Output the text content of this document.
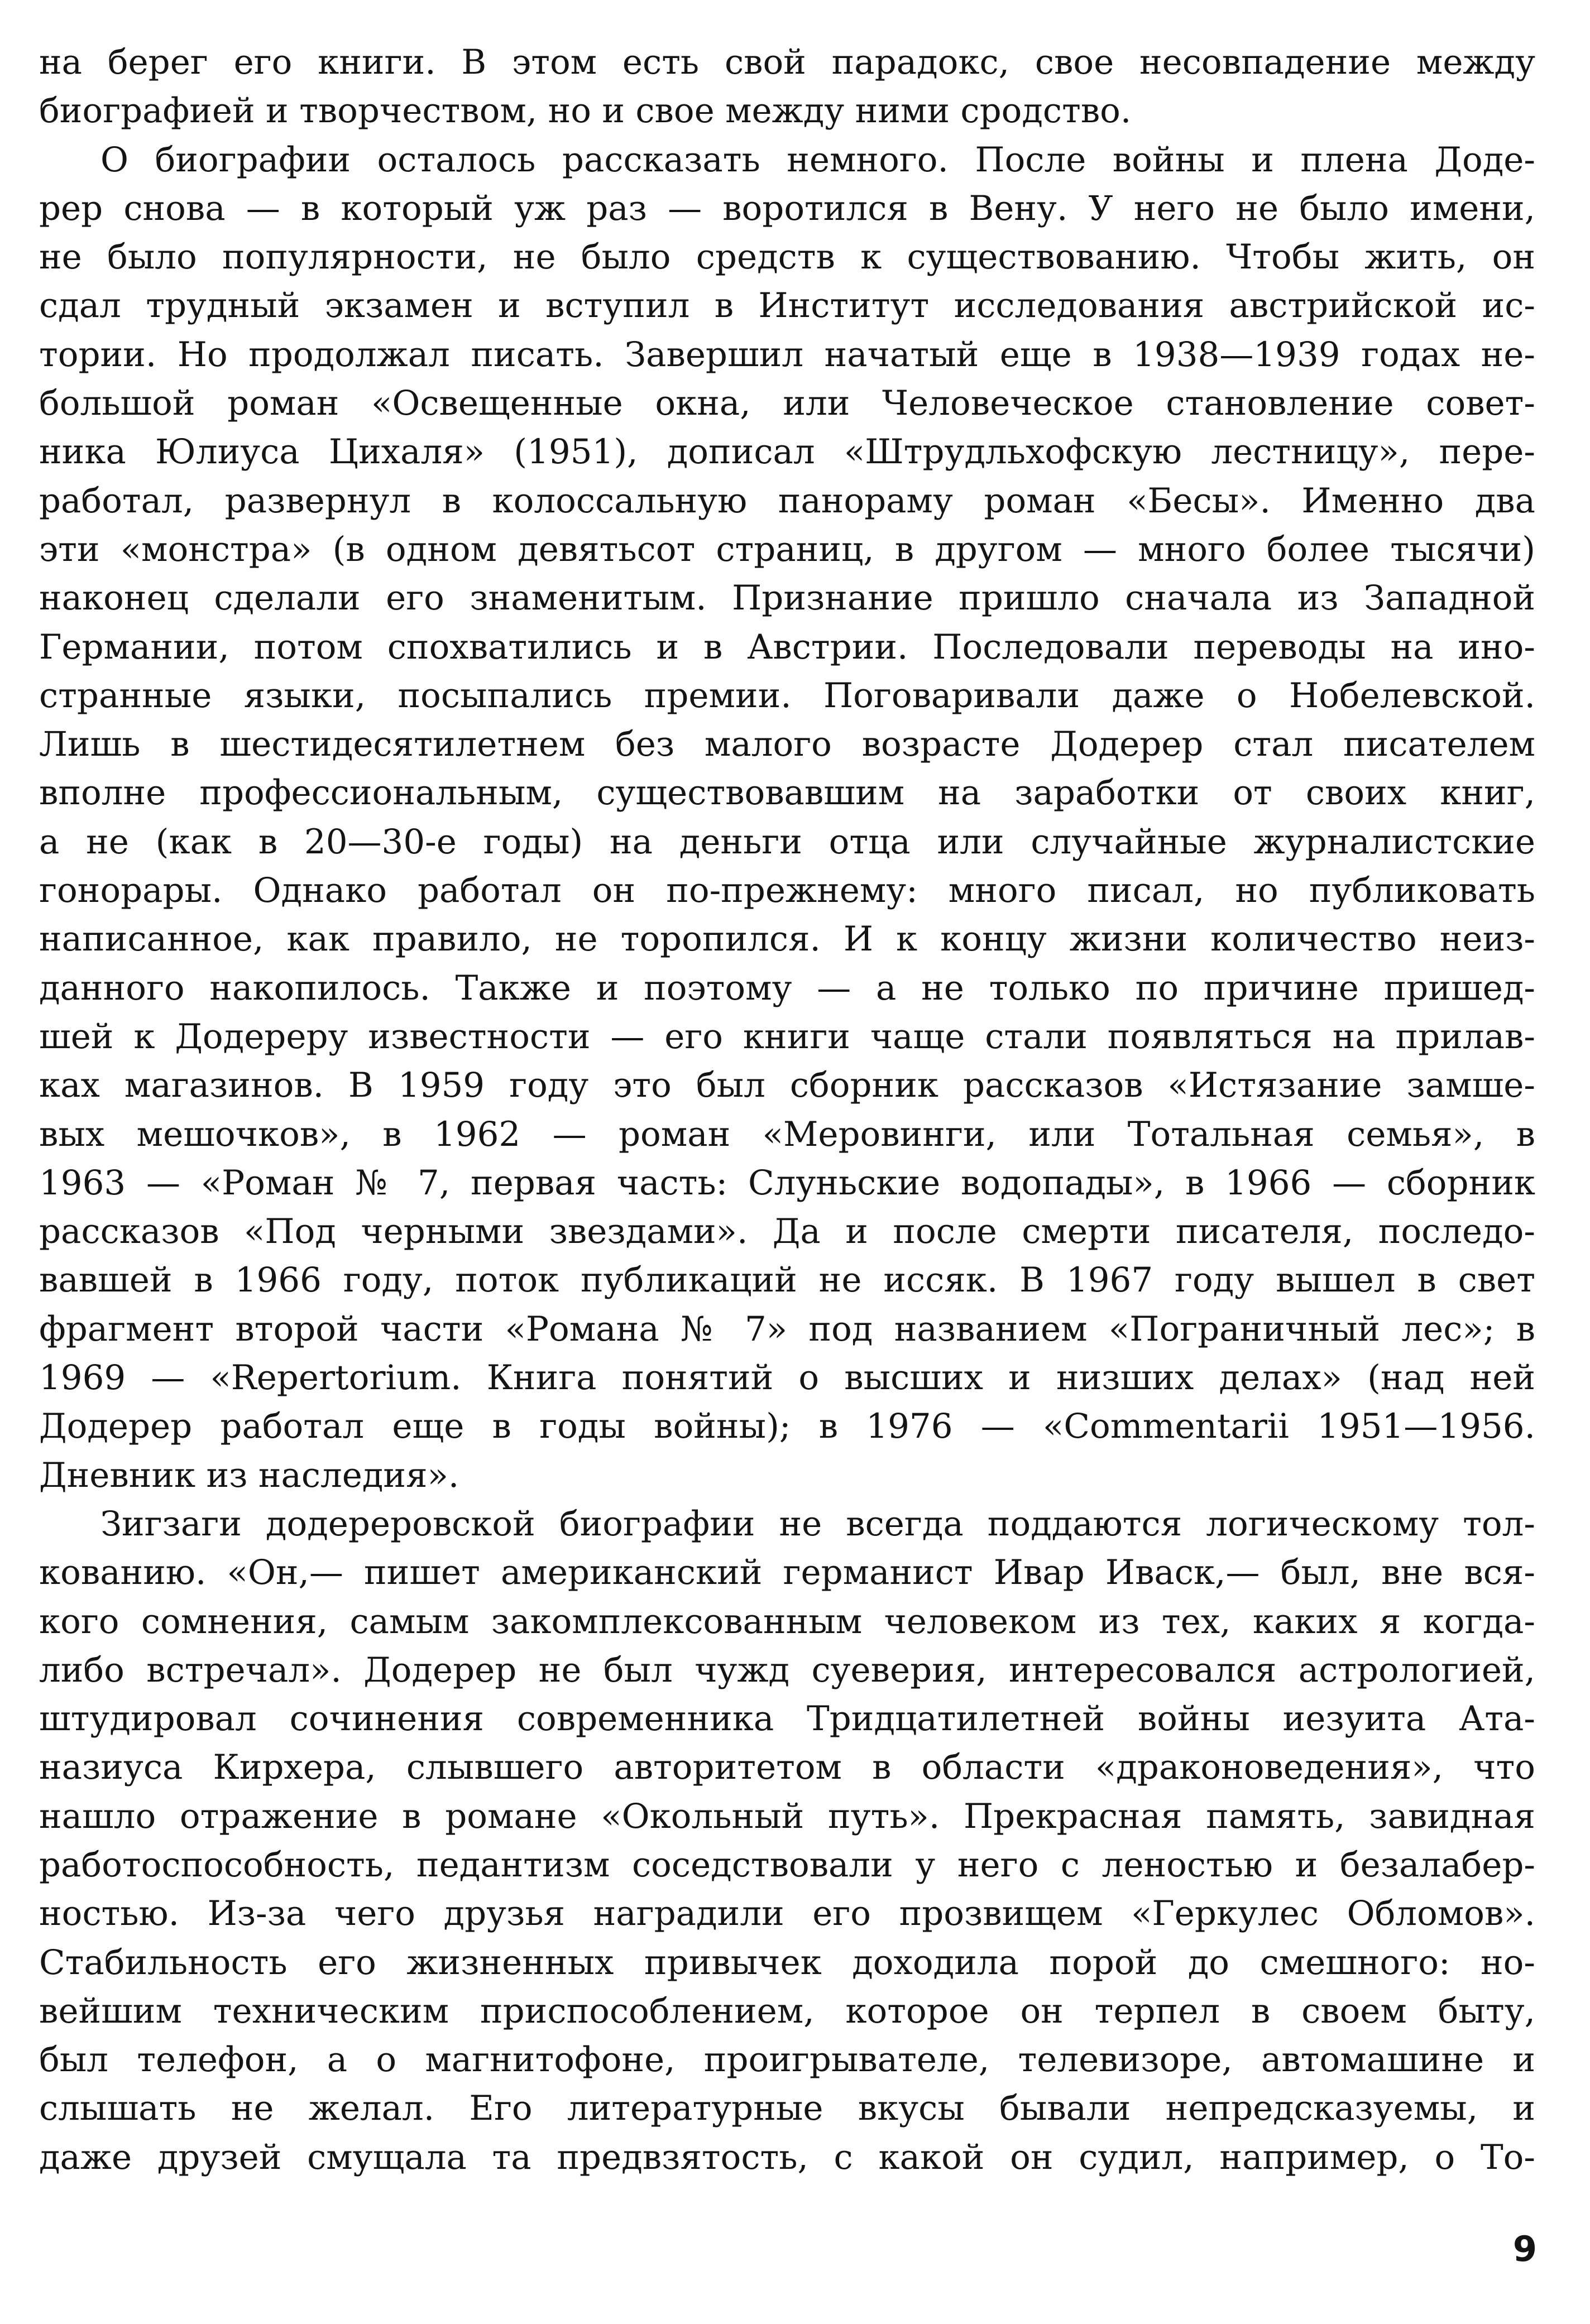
на берег его книги. В этом есть свой парадокс, свое несовпадение между
биографией и творчеством, но и свое между ними сродство.
О биографии осталось рассказать немного. После войны и плена Доде-
рер снова — в который уж раз — воротился в Вену. У него не было имени,
не было популярности, не было средств к существованию. Чтобы жить, он
сдал трудный экзамен и вступил в Институт исследования австрийской ис-
тории. Но продолжал писать. Завершил начатый еще в 1938—1939 годах не-
большой роман «Освещенные окна, или Человеческое становление совет-
ника Юлиуса Цихаля» (1951), дописал «Штрудльхофскую лестницу», пере-
работал, развернул в колоссальную панораму роман «Бесы». Именно два
эти «монстра» (в одном девятьсот страниц, в другом — много более тысячи)
наконец сделали его знаменитым. Признание пришло сначала из Западной
Германии, потом спохватились и в Австрии. Последовали переводы на ино-
странные языки, посыпались премии. Поговаривали даже о Нобелевской.
Лишь в шестидесятилетнем без малого возрасте Додерер стал писателем
вполне профессиональным, существовавшим на заработки от своих книг,
а не (как в 20—30-е годы) на деньги отца или случайные журналистские
гонорары. Однако работал он по-прежнему: много писал, но публиковать
написанное, как правило, не торопился. И к концу жизни количество неиз-
данного накопилось. Также и поэтому — а не только по причине пришед-
шей к Додереру известности — его книги чаще стали появляться на прилав-
ках магазинов. В 1959 году это был сборник рассказов «Истязание замше-
вых мешочков», в 1962 — роман «Меровинги, или Тотальная семья», в
1963 — «Роман № 7, первая часть: Слуньские водопады», в 1966 — сборник
рассказов «Под черными звездами». Да и после смерти писателя, последо-
вавшей в 1966 году, поток публикаций не иссяк. В 1967 году вышел в свет
фрагмент второй части «Романа № 7» под названием «Пограничный лес»; в
1969 — «Repertorium. Книга понятий о высших и низших делах» (над ней
Додерер работал еще в годы войны); в 1976 — «Commentarii 1951—1956.
Дневник из наследия».
Зигзаги додереровской биографии не всегда поддаются логическому тол-
кованию. «Он,— пишет американский германист Ивар Иваск,— был, вне вся-
кого сомнения, самым закомплексованным человеком из тех, каких я когда-
либо встречал». Додерер не был чужд суеверия, интересовался астрологией,
штудировал сочинения современника Тридцатилетней войны иезуита Ата-
назиуса Кирхера, слывшего авторитетом в области «драконоведения», что
нашло отражение в романе «Окольный путь». Прекрасная память, завидная
работоспособность, педантизм соседствовали у него с леностью и безалабер-
ностью. Из-за чего друзья наградили его прозвищем «Геркулес Обломов».
Стабильность его жизненных привычек доходила порой до смешного: но-
вейшим техническим приспособлением, которое он терпел в своем быту,
был телефон, а о магнитофоне, проигрывателе, телевизоре, автомашине и
слышать не желал. Его литературные вкусы бывали непредсказуемы, и
даже друзей смущала та предвзятость, с какой он судил, например, о То-
9
